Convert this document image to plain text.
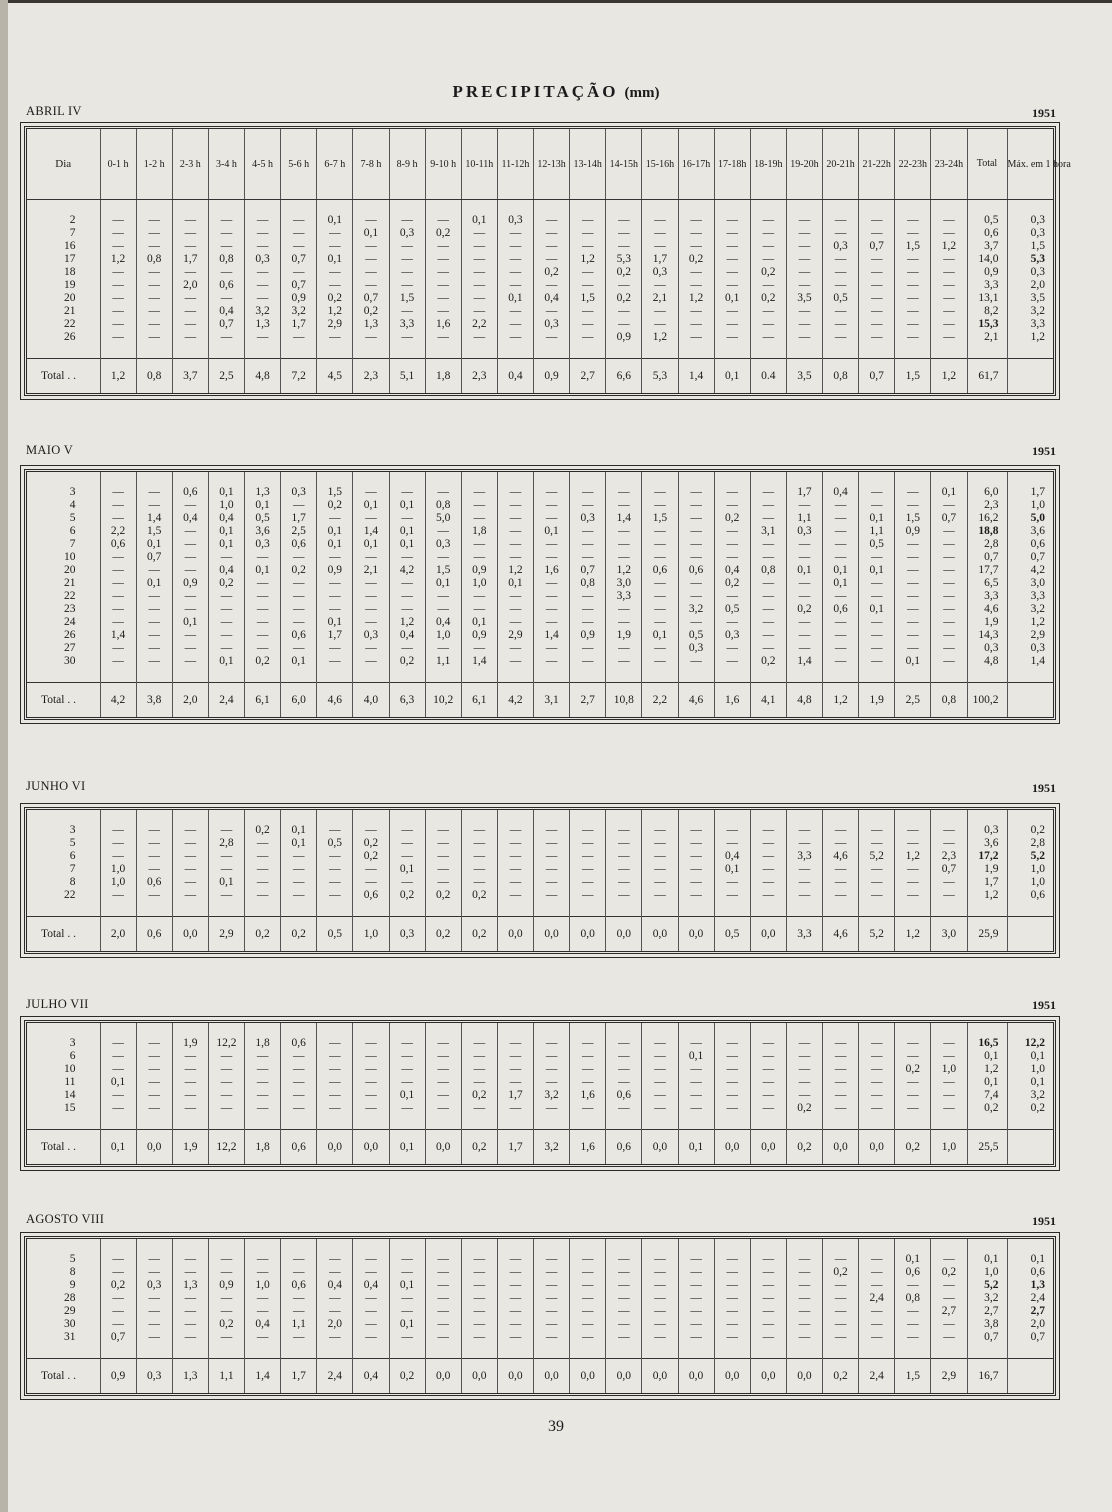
PRECIPITAÇÃO (mm)
ABRIL IV	1951
Dia	0-1 h	1-2 h	2-3 h	3-4 h	4-5 h	5-6 h	6-7 h	7-8 h	8-9 h	9-10 h	10-11h	11-12h	12-13h	13-14h	14-15h	15-16h	16-17h	17-18h	18-19h	19-20h	20-21h	21-22h	22-23h	23-24h	Total	Máx. em 1 hora

2	—	—	—	—	—	—	0,1	—	—	—	0,1	0,3	—	—	—	—	—	—	—	—	—	—	—	—	0,5	0,3
7	—	—	—	—	—	—	—	0,1	0,3	0,2	—	—	—	—	—	—	—	—	—	—	—	—	—	—	0,6	0,3
16	—	—	—	—	—	—	—	—	—	—	—	—	—	—	—	—	—	—	—	—	0,3	0,7	1,5	1,2	3,7	1,5
17	1,2	0,8	1,7	0,8	0,3	0,7	0,1	—	—	—	—	—	—	1,2	5,3	1,7	0,2	—	—	—	—	—	—	—	14,0	5,3
18	—	—	—	—	—	—	—	—	—	—	—	—	0,2	—	0,2	0,3	—	—	0,2	—	—	—	—	—	0,9	0,3
19	—	—	2,0	0,6	—	0,7	—	—	—	—	—	—	—	—	—	—	—	—	—	—	—	—	—	—	3,3	2,0
20	—	—	—	—	—	0,9	0,2	0,7	1,5	—	—	0,1	0,4	1,5	0,2	2,1	1,2	0,1	0,2	3,5	0,5	—	—	—	13,1	3,5
21	—	—	—	0,4	3,2	3,2	1,2	0,2	—	—	—	—	—	—	—	—	—	—	—	—	—	—	—	—	8,2	3,2
22	—	—	—	0,7	1,3	1,7	2,9	1,3	3,3	1,6	2,2	—	0,3	—	—	—	—	—	—	—	—	—	—	—	15,3	3,3
26	—	—	—	—	—	—	—	—	—	—	—	—	—	—	0,9	1,2	—	—	—	—	—	—	—	—	2,1	1,2

Total . .	1,2	0,8	3,7	2,5	4,8	7,2	4,5	2,3	5,1	1,8	2,3	0,4	0,9	2,7	6,6	5,3	1,4	0,1	0.4	3,5	0,8	0,7	1,5	1,2	61,7	
MAIO V	1951

3	—	—	0,6	0,1	1,3	0,3	1,5	—	—	—	—	—	—	—	—	—	—	—	—	1,7	0,4	—	—	0,1	6,0	1,7
4	—	—	—	1,0	0,1	—	0,2	0,1	0,1	0,8	—	—	—	—	—	—	—	—	—	—	—	—	—	—	2,3	1,0
5	—	1,4	0,4	0,4	0,5	1,7	—	—	—	5,0	—	—	—	0,3	1,4	1,5	—	0,2	—	1,1	—	0,1	1,5	0,7	16,2	5,0
6	2,2	1,5	—	0,1	3,6	2,5	0,1	1,4	0,1	—	1,8	—	0,1	—	—	—	—	—	3,1	0,3	—	1,1	0,9	—	18,8	3,6
7	0,6	0,1	—	0,1	0,3	0,6	0,1	0,1	0,1	0,3	—	—	—	—	—	—	—	—	—	—	—	0,5	—	—	2,8	0,6
10	—	0,7	—	—	—	—	—	—	—	—	—	—	—	—	—	—	—	—	—	—	—	—	—	—	0,7	0,7
20	—	—	—	0,4	0,1	0,2	0,9	2,1	4,2	1,5	0,9	1,2	1,6	0,7	1,2	0,6	0,6	0,4	0,8	0,1	0,1	0,1	—	—	17,7	4,2
21	—	0,1	0,9	0,2	—	—	—	—	—	0,1	1,0	0,1	—	0,8	3,0	—	—	0,2	—	—	0,1	—	—	—	6,5	3,0
22	—	—	—	—	—	—	—	—	—	—	—	—	—	—	3,3	—	—	—	—	—	—	—	—	—	3,3	3,3
23	—	—	—	—	—	—	—	—	—	—	—	—	—	—	—	—	3,2	0,5	—	0,2	0,6	0,1	—	—	4,6	3,2
24	—	—	0,1	—	—	—	0,1	—	1,2	0,4	0,1	—	—	—	—	—	—	—	—	—	—	—	—	—	1,9	1,2
26	1,4	—	—	—	—	0,6	1,7	0,3	0,4	1,0	0,9	2,9	1,4	0,9	1,9	0,1	0,5	0,3	—	—	—	—	—	—	14,3	2,9
27	—	—	—	—	—	—	—	—	—	—	—	—	—	—	—	—	0,3	—	—	—	—	—	—	—	0,3	0,3
30	—	—	—	0,1	0,2	0,1	—	—	0,2	1,1	1,4	—	—	—	—	—	—	—	0,2	1,4	—	—	0,1	—	4,8	1,4

Total . .	4,2	3,8	2,0	2,4	6,1	6,0	4,6	4,0	6,3	10,2	6,1	4,2	3,1	2,7	10,8	2,2	4,6	1,6	4,1	4,8	1,2	1,9	2,5	0,8	100,2	
JUNHO VI	1951

3	—	—	—	—	0,2	0,1	—	—	—	—	—	—	—	—	—	—	—	—	—	—	—	—	—	—	0,3	0,2
5	—	—	—	2,8	—	0,1	0,5	0,2	—	—	—	—	—	—	—	—	—	—	—	—	—	—	—	—	3,6	2,8
6	—	—	—	—	—	—	—	0,2	—	—	—	—	—	—	—	—	—	0,4	—	3,3	4,6	5,2	1,2	2,3	17,2	5,2
7	1,0	—	—	—	—	—	—	—	0,1	—	—	—	—	—	—	—	—	0,1	—	—	—	—	—	0,7	1,9	1,0
8	1,0	0,6	—	0,1	—	—	—	—	—	—	—	—	—	—	—	—	—	—	—	—	—	—	—	—	1,7	1,0
22	—	—	—	—	—	—	—	0,6	0,2	0,2	0,2	—	—	—	—	—	—	—	—	—	—	—	—	—	1,2	0,6

Total . .	2,0	0,6	0,0	2,9	0,2	0,2	0,5	1,0	0,3	0,2	0,2	0,0	0,0	0,0	0,0	0,0	0,0	0,5	0,0	3,3	4,6	5,2	1,2	3,0	25,9	
JULHO VII	1951

3	—	—	1,9	12,2	1,8	0,6	—	—	—	—	—	—	—	—	—	—	—	—	—	—	—	—	—	—	16,5	12,2
6	—	—	—	—	—	—	—	—	—	—	—	—	—	—	—	—	0,1	—	—	—	—	—	—	—	0,1	0,1
10	—	—	—	—	—	—	—	—	—	—	—	—	—	—	—	—	—	—	—	—	—	—	0,2	1,0	1,2	1,0
11	0,1	—	—	—	—	—	—	—	—	—	—	—	—	—	—	—	—	—	—	—	—	—	—	—	0,1	0,1
14	—	—	—	—	—	—	—	—	0,1	—	0,2	1,7	3,2	1,6	0,6	—	—	—	—	—	—	—	—	—	7,4	3,2
15	—	—	—	—	—	—	—	—	—	—	—	—	—	—	—	—	—	—	—	0,2	—	—	—	—	0,2	0,2

Total . .	0,1	0,0	1,9	12,2	1,8	0,6	0,0	0,0	0,1	0,0	0,2	1,7	3,2	1,6	0,6	0,0	0,1	0,0	0,0	0,2	0,0	0,0	0,2	1,0	25,5	
AGOSTO VIII	1951

5	—	—	—	—	—	—	—	—	—	—	—	—	—	—	—	—	—	—	—	—	—	—	0,1	—	0,1	0,1
8	—	—	—	—	—	—	—	—	—	—	—	—	—	—	—	—	—	—	—	—	0,2	—	0,6	0,2	1,0	0,6
9	0,2	0,3	1,3	0,9	1,0	0,6	0,4	0,4	0,1	—	—	—	—	—	—	—	—	—	—	—	—	—	—	—	5,2	1,3
28	—	—	—	—	—	—	—	—	—	—	—	—	—	—	—	—	—	—	—	—	—	2,4	0,8	—	3,2	2,4
29	—	—	—	—	—	—	—	—	—	—	—	—	—	—	—	—	—	—	—	—	—	—	—	2,7	2,7	2,7
30	—	—	—	0,2	0,4	1,1	2,0	—	0,1	—	—	—	—	—	—	—	—	—	—	—	—	—	—	—	3,8	2,0
31	0,7	—	—	—	—	—	—	—	—	—	—	—	—	—	—	—	—	—	—	—	—	—	—	—	0,7	0,7

Total . .	0,9	0,3	1,3	1,1	1,4	1,7	2,4	0,4	0,2	0,0	0,0	0,0	0,0	0,0	0,0	0,0	0,0	0,0	0,0	0,0	0,2	2,4	1,5	2,9	16,7	
39
